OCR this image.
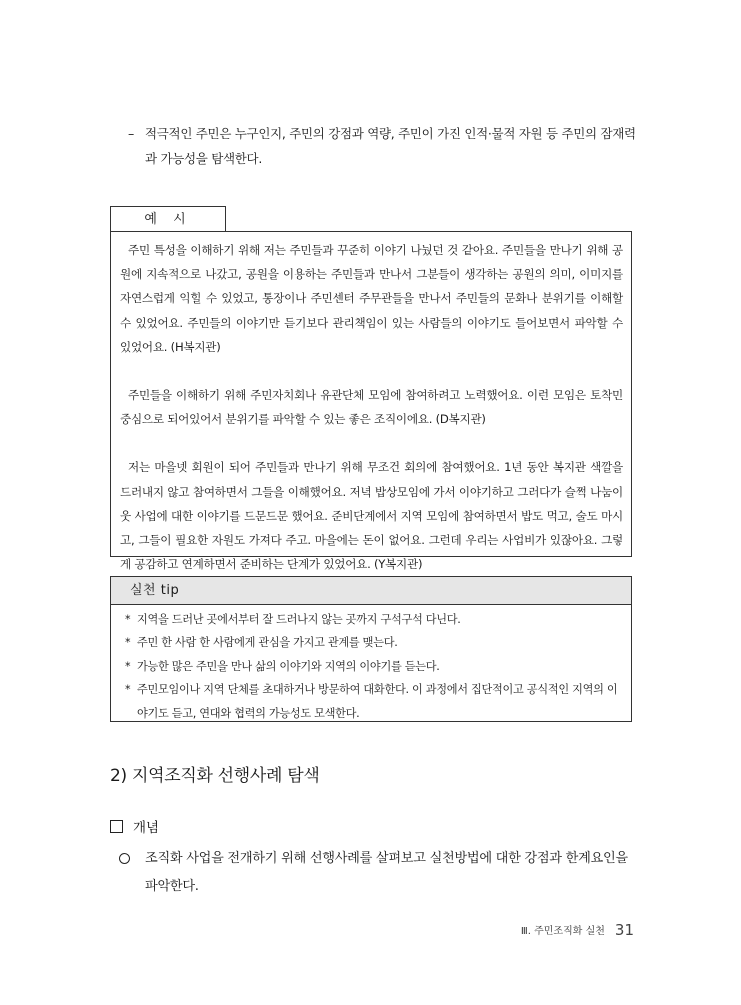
– 적극적인 주민은 누구인지, 주민의 강점과 역량, 주민이 가진 인적·물적 자원 등 주민의 잠재력과 가능성을 탐색한다.
예 시

주민 특성을 이해하기 위해 저는 주민들과 꾸준히 이야기 나눴던 것 같아요. 주민들을 만나기 위해 공원에 지속적으로 나갔고, 공원을 이용하는 주민들과 만나서 그분들이 생각하는 공원의 의미, 이미지를 자연스럽게 익힐 수 있었고, 통장이나 주민센터 주무관들을 만나서 주민들의 문화나 분위기를 이해할 수 있었어요. 주민들의 이야기만 듣기보다 관리책임이 있는 사람들의 이야기도 들어보면서 파악할 수 있었어요. (H복지관)

주민들을 이해하기 위해 주민자치회나 유관단체 모임에 참여하려고 노력했어요. 이런 모임은 토착민 중심으로 되어있어서 분위기를 파악할 수 있는 좋은 조직이에요. (D복지관)

저는 마을넷 회원이 되어 주민들과 만나기 위해 무조건 회의에 참여했어요. 1년 동안 복지관 색깔을 드러내지 않고 참여하면서 그들을 이해했어요. 저녁 밥상모임에 가서 이야기하고 그러다가 슬쩍 나눔이웃 사업에 대한 이야기를 드문드문 했어요. 준비단계에서 지역 모임에 참여하면서 밥도 먹고, 술도 마시고, 그들이 필요한 자원도 가져다 주고. 마을에는 돈이 없어요. 그런데 우리는 사업비가 있잖아요. 그렇게 공감하고 연계하면서 준비하는 단계가 있었어요. (Y복지관)

실천 tip
* 지역을 드러난 곳에서부터 잘 드러나지 않는 곳까지 구석구석 다닌다.
* 주민 한 사람 한 사람에게 관심을 가지고 관계를 맺는다.
* 가능한 많은 주민을 만나 삶의 이야기와 지역의 이야기를 듣는다.
* 주민모임이나 지역 단체를 초대하거나 방문하여 대화한다. 이 과정에서 집단적이고 공식적인 지역의 이야기도 듣고, 연대와 협력의 가능성도 모색한다.
2) 지역조직화 선행사례 탐색
개념
조직화 사업을 전개하기 위해 선행사례를 살펴보고 실천방법에 대한 강점과 한계요인을 파악한다.
Ⅲ. 주민조직화 실천 31
